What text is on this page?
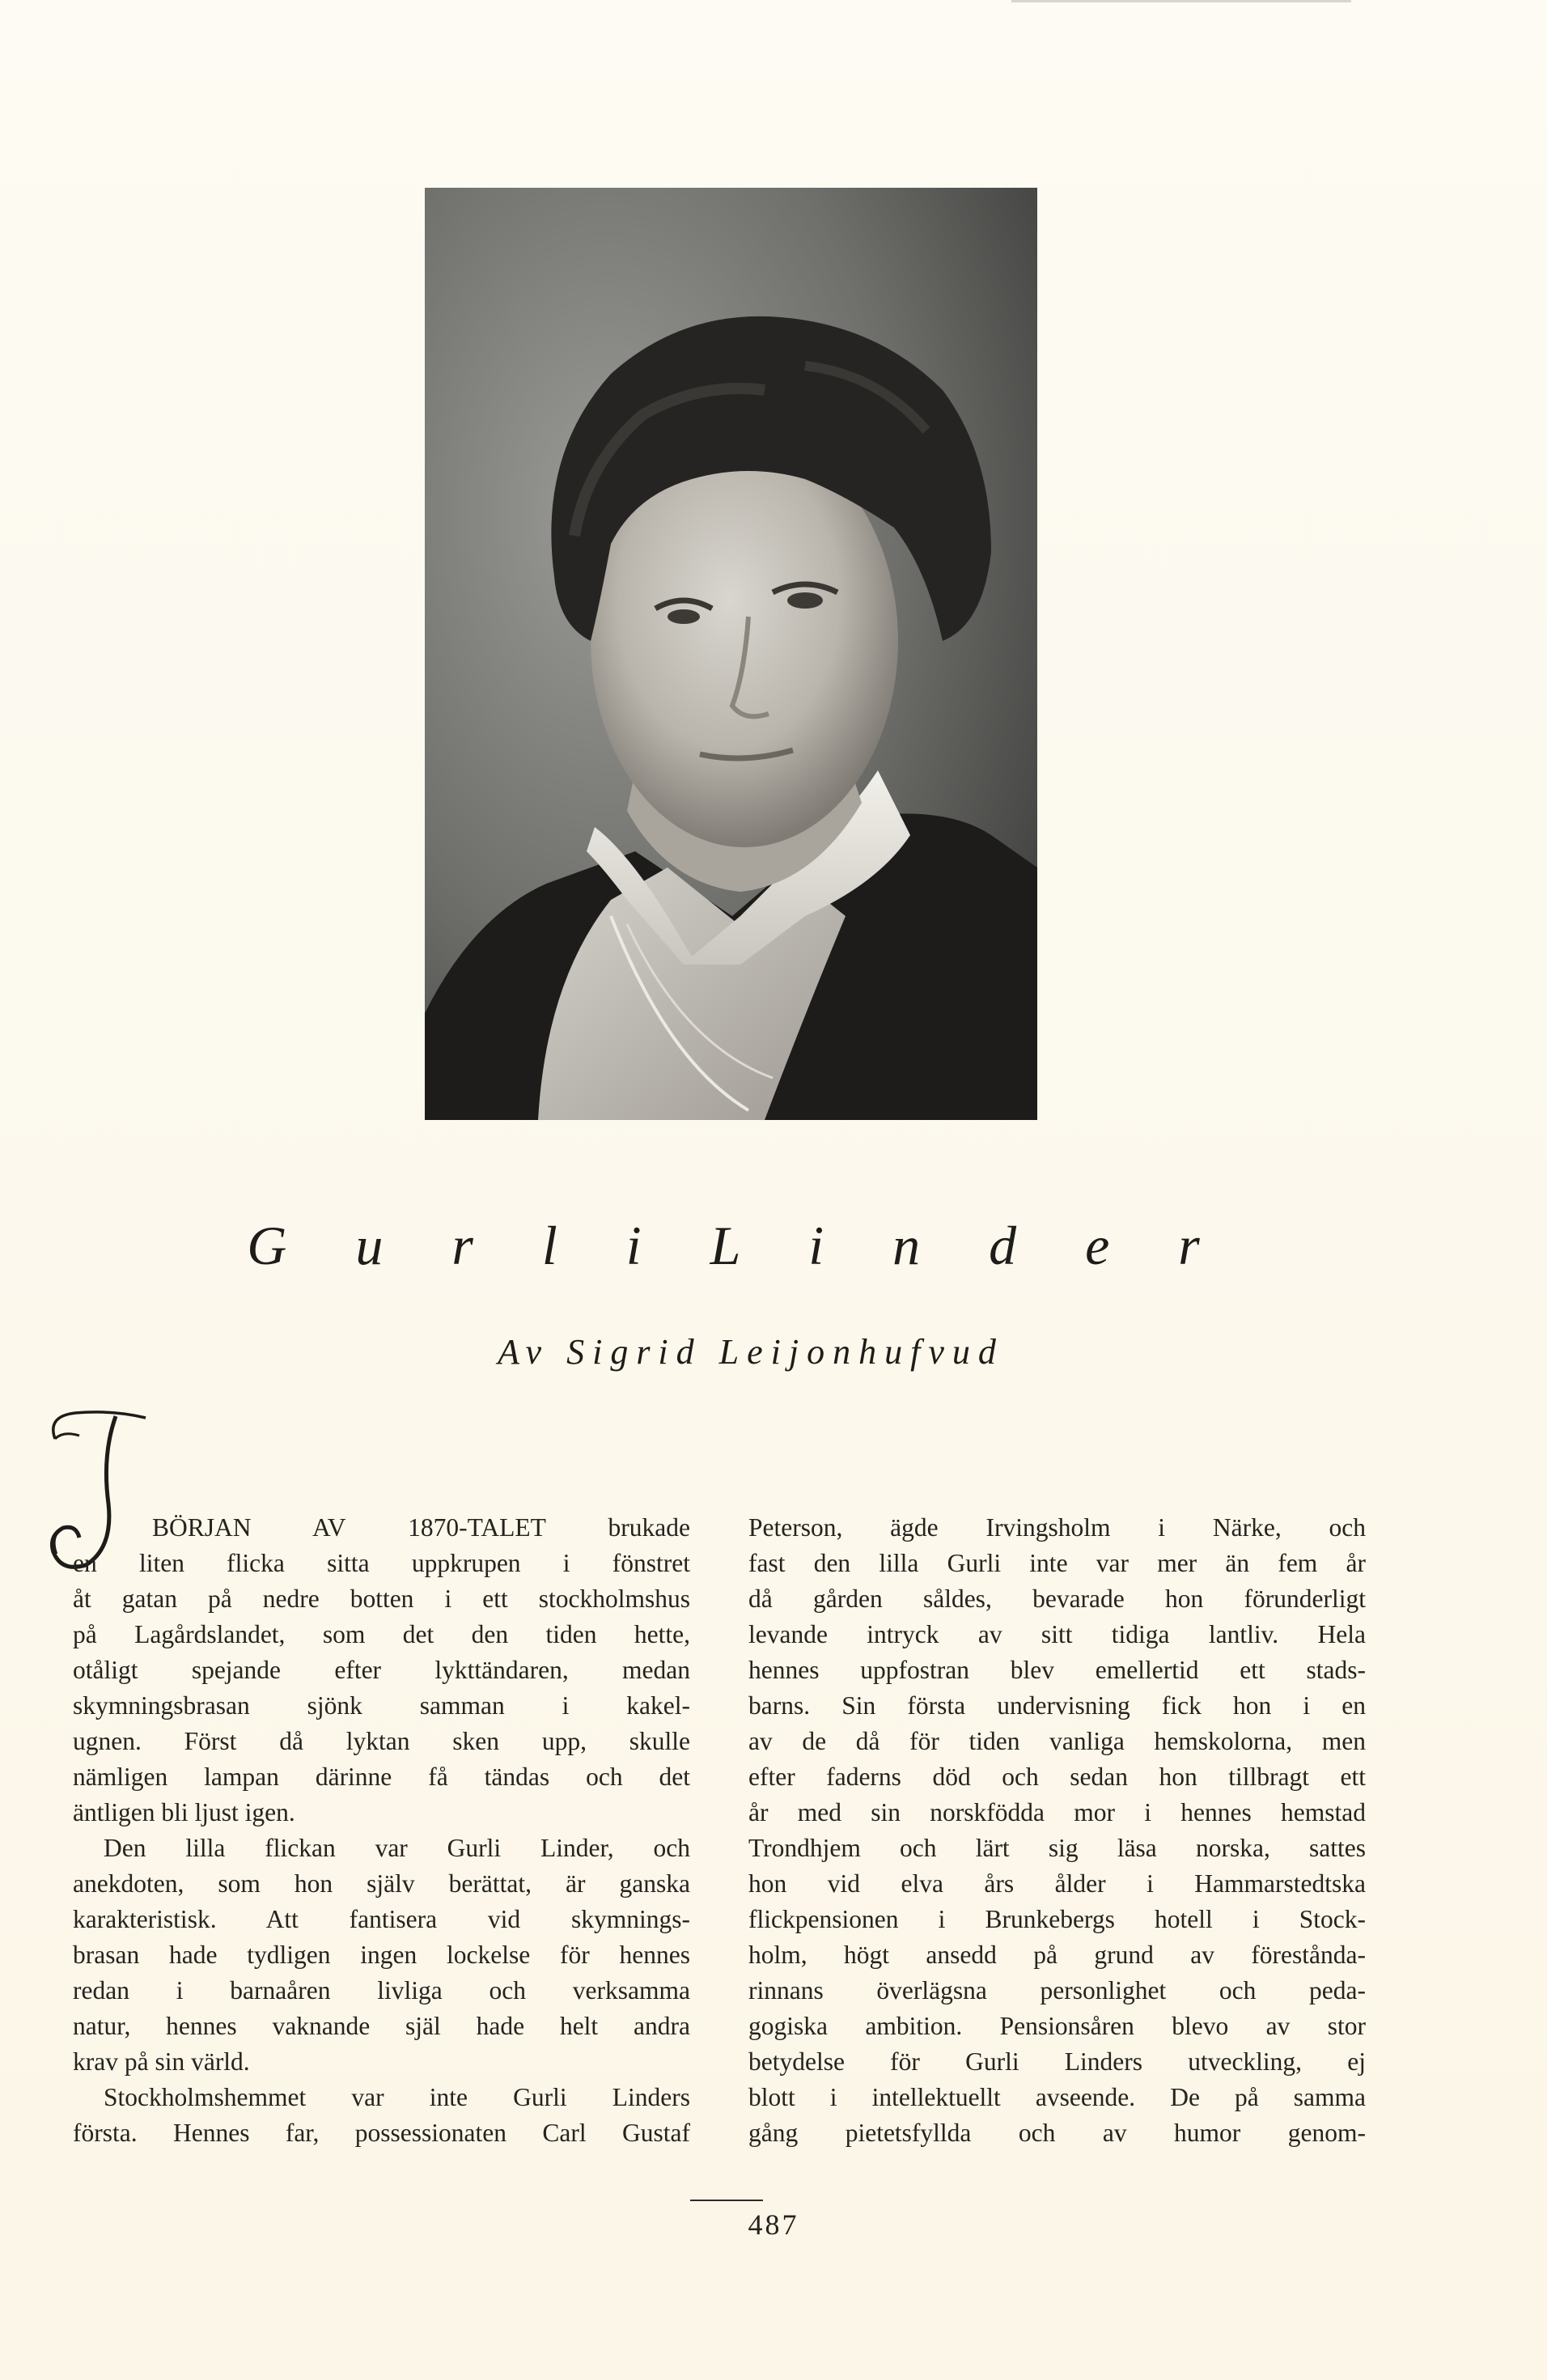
G u r l i L i n d e r
Av Sigrid Leijonhufvud
I
BÖRJAN AV 1870-TALET brukade
en liten flicka sitta uppkrupen i fönstret
åt gatan på nedre botten i ett stockholmshus
på Lagårdslandet, som det den tiden hette,
otåligt spejande efter lykttändaren, medan
skymningsbrasan sjönk samman i kakel-
ugnen. Först då lyktan sken upp, skulle
nämligen lampan därinne få tändas och det
äntligen bli ljust igen.
Den lilla flickan var Gurli Linder, och
anekdoten, som hon själv berättat, är ganska
karakteristisk. Att fantisera vid skymnings-
brasan hade tydligen ingen lockelse för hennes
redan i barnaåren livliga och verksamma
natur, hennes vaknande själ hade helt andra
krav på sin värld.
Stockholmshemmet var inte Gurli Linders
första. Hennes far, possessionaten Carl Gustaf
Peterson, ägde Irvingsholm i Närke, och
fast den lilla Gurli inte var mer än fem år
då gården såldes, bevarade hon förunderligt
levande intryck av sitt tidiga lantliv. Hela
hennes uppfostran blev emellertid ett stads-
barns. Sin första undervisning fick hon i en
av de då för tiden vanliga hemskolorna, men
efter faderns död och sedan hon tillbragt ett
år med sin norskfödda mor i hennes hemstad
Trondhjem och lärt sig läsa norska, sattes
hon vid elva års ålder i Hammarstedtska
flickpensionen i Brunkebergs hotell i Stock-
holm, högt ansedd på grund av förestånda-
rinnans överlägsna personlighet och peda-
gogiska ambition. Pensionsåren blevo av stor
betydelse för Gurli Linders utveckling, ej
blott i intellektuellt avseende. De på samma
gång pietetsfyllda och av humor genom-
487
